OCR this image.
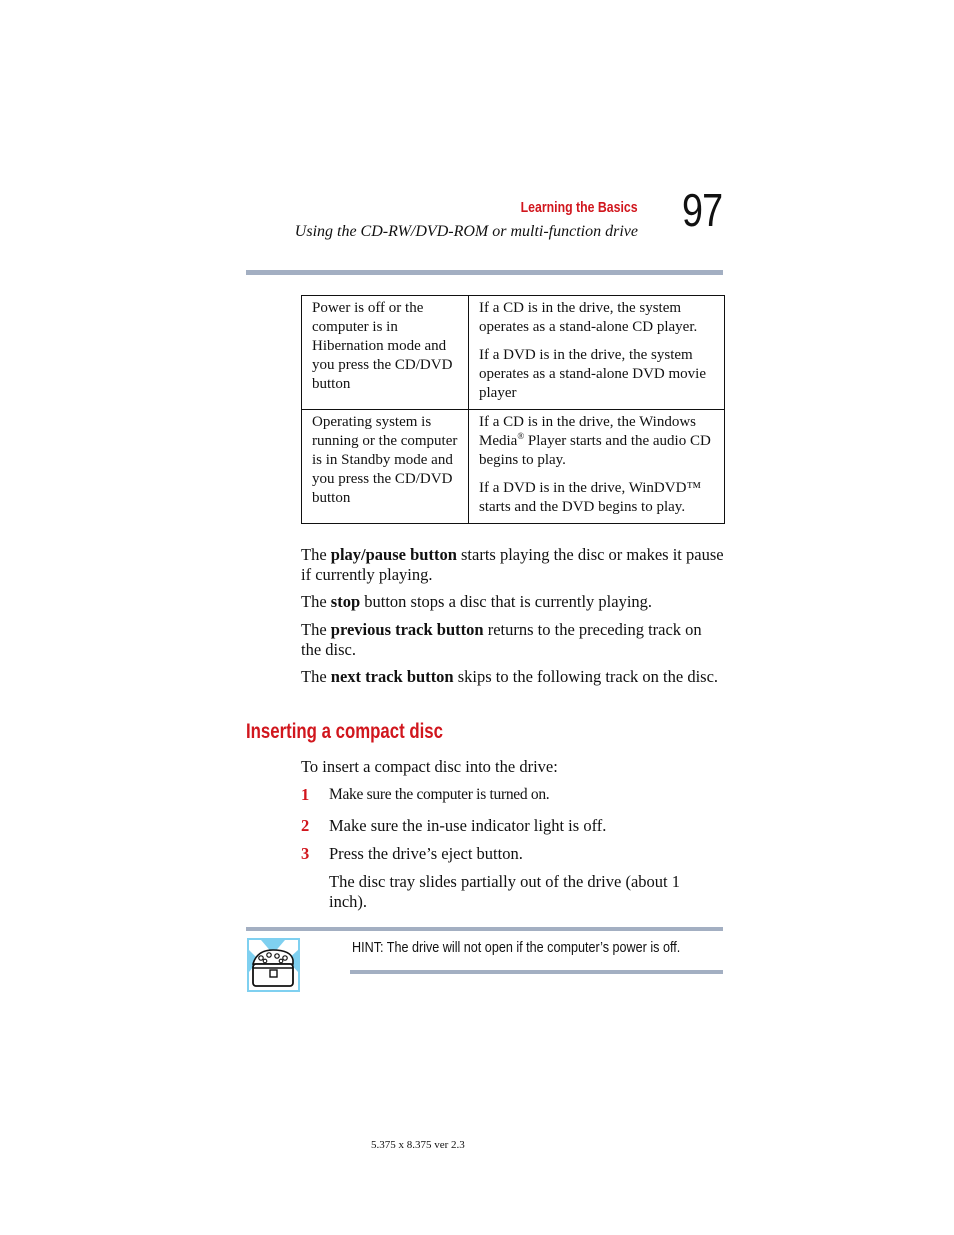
Learning the Basics
Using the CD-RW/DVD-ROM or multi-function drive 97

Power is off or the computer is in Hibernation mode and you press the CD/DVD button	If a CD is in the drive, the system operates as a stand-alone CD player.

If a DVD is in the drive, the system operates as a stand-alone DVD movie player

Operating system is running or the computer is in Standby mode and you press the CD/DVD button	If a CD is in the drive, the Windows Media® Player starts and the audio CD begins to play.

If a DVD is in the drive, WinDVD™ starts and the DVD begins to play.

The play/pause button starts playing the disc or makes it pause if currently playing.

The stop button stops a disc that is currently playing.

The previous track button returns to the preceding track on the disc.

The next track button skips to the following track on the disc.

Inserting a compact disc
To insert a compact disc into the drive:
1 Make sure the computer is turned on.
2 Make sure the in-use indicator light is off.
3 Press the drive’s eject button.
The disc tray slides partially out of the drive (about 1 inch).
HINT: The drive will not open if the computer’s power is off.
5.375 x 8.375 ver 2.3
